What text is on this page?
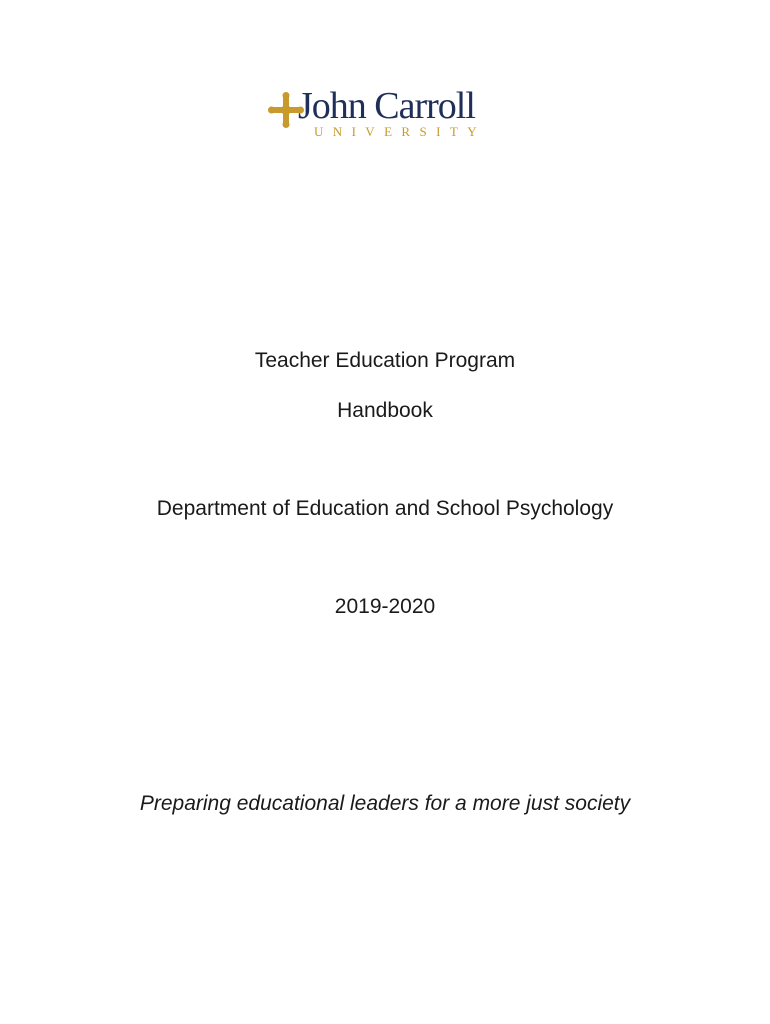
John Carroll
UNIVERSITY
Teacher Education Program
Handbook
Department of Education and School Psychology
2019-2020
Preparing educational leaders for a more just society
